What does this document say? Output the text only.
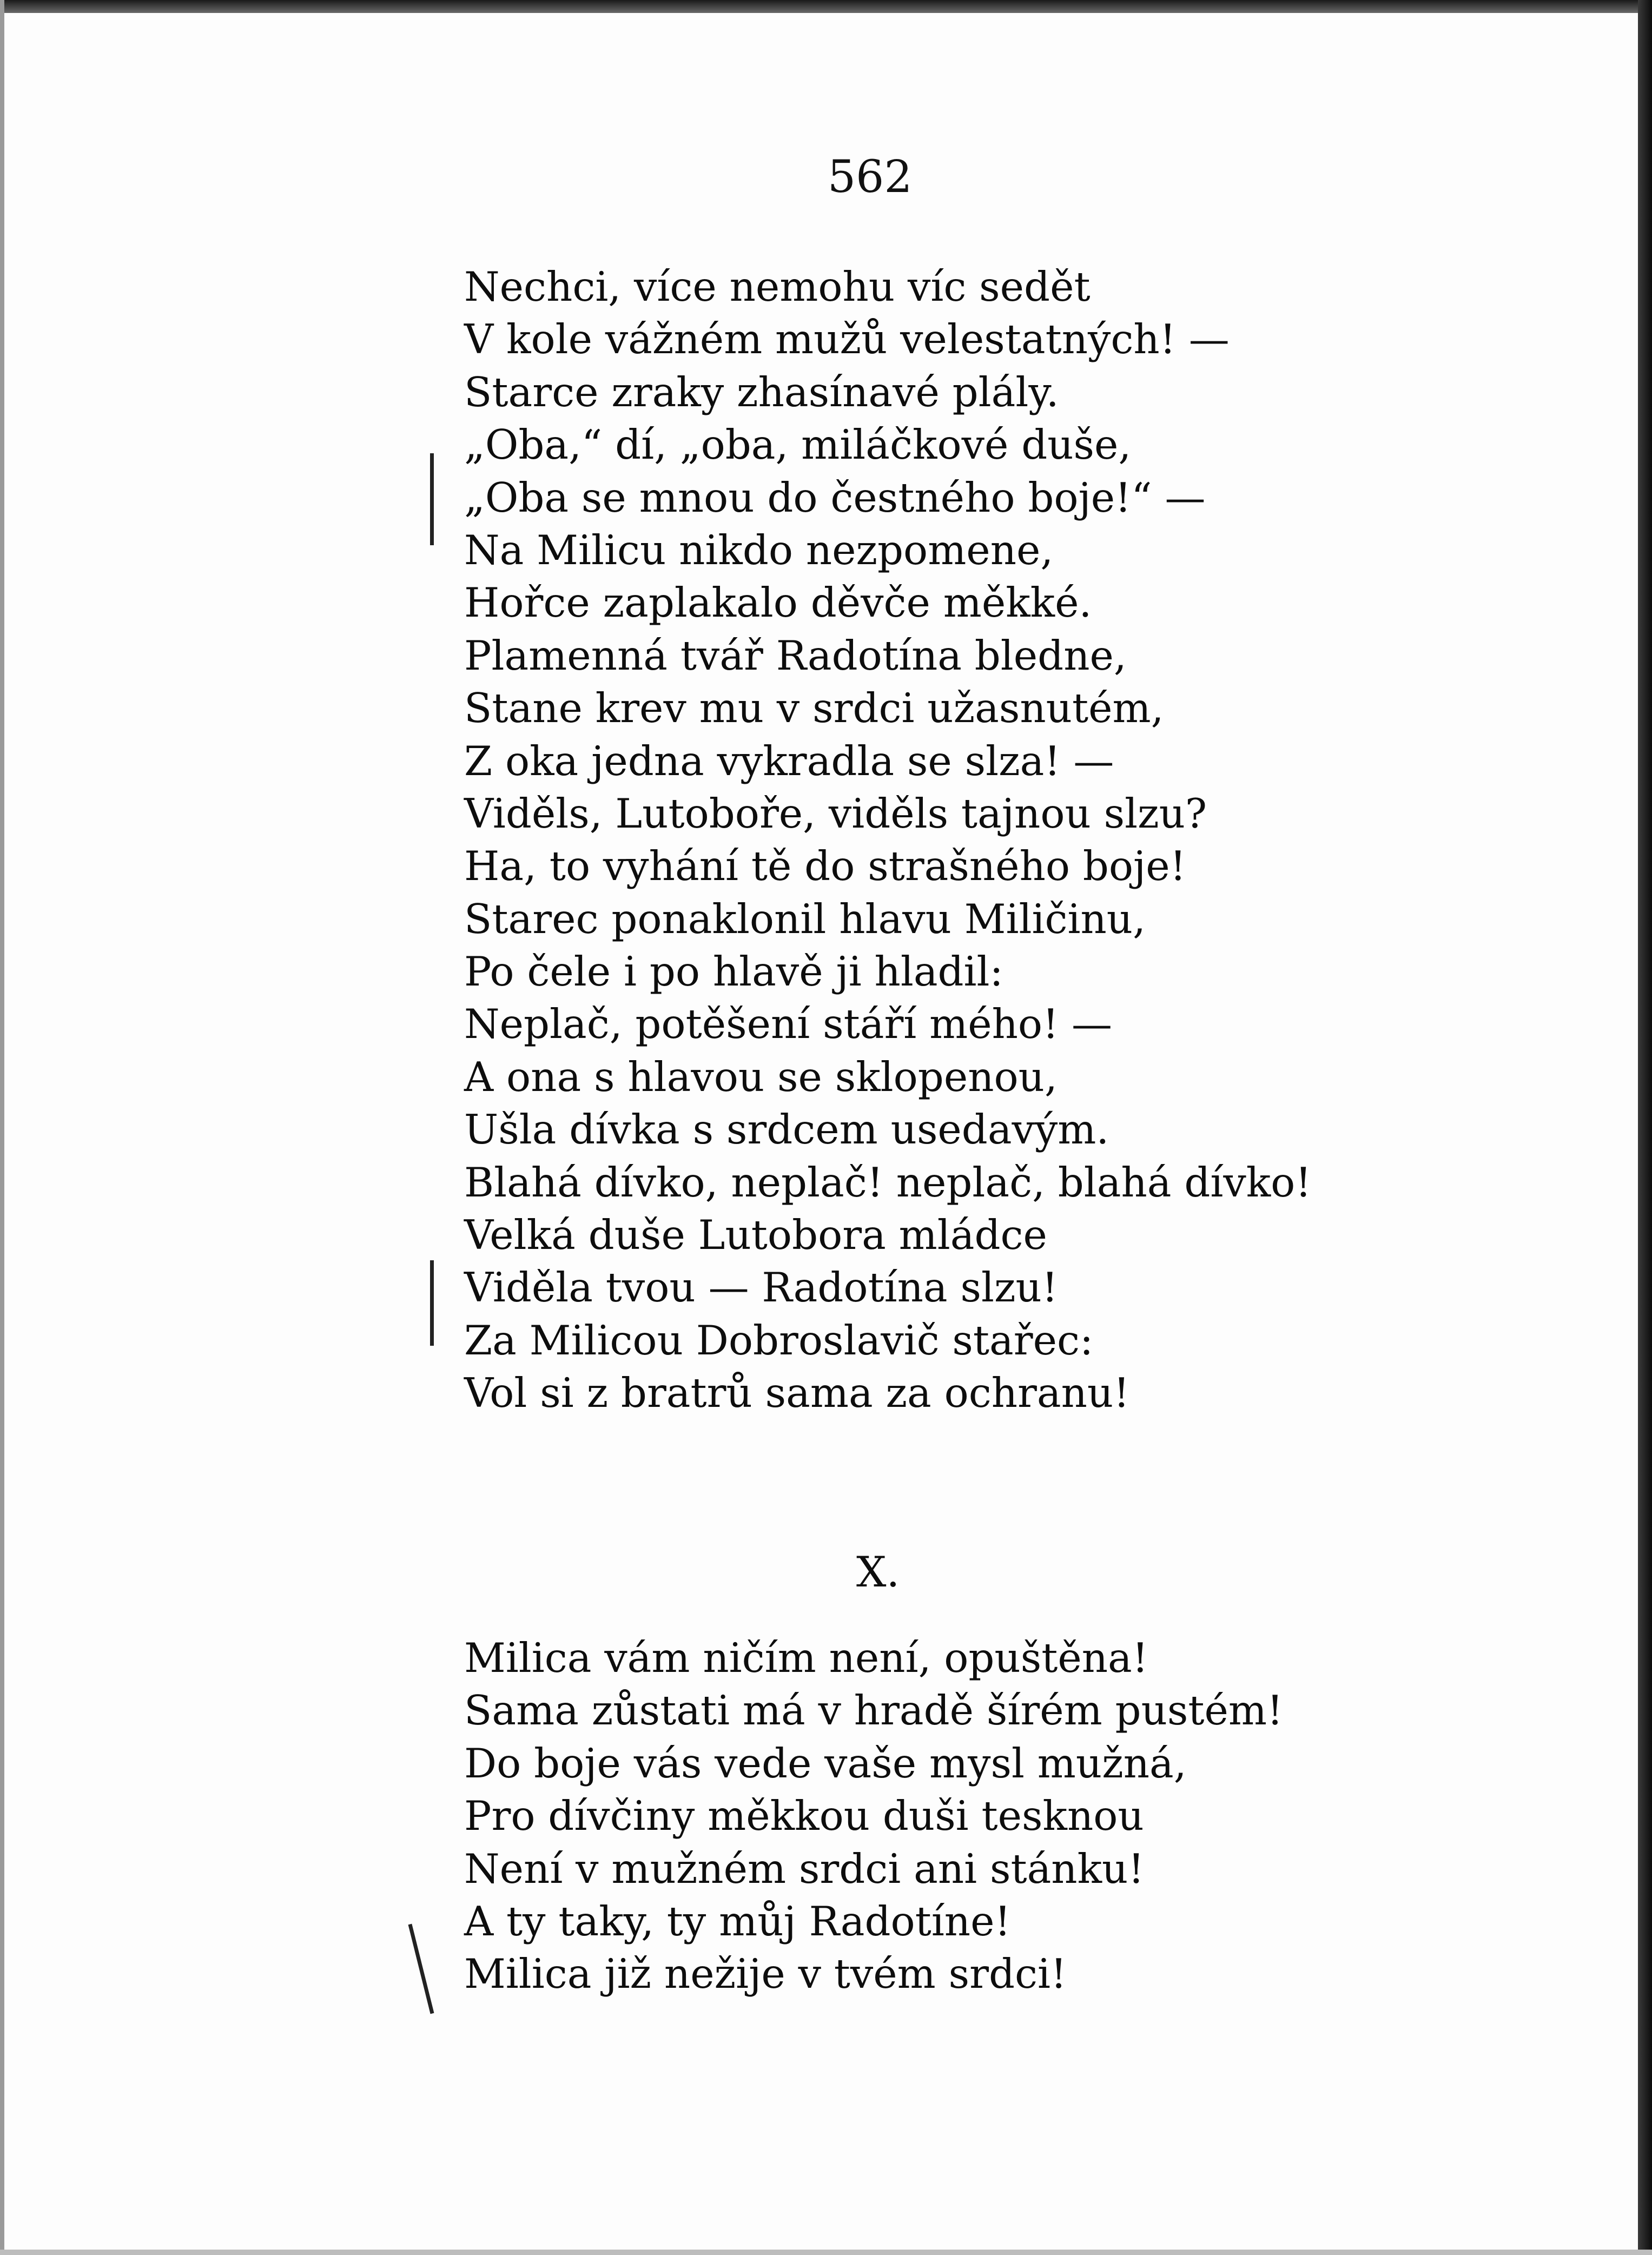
562
Nechci, více nemohu víc sedět
V kole vážném mužů velestatných! —
Starce zraky zhasínavé plály.
„Oba,“ dí, „oba, miláčkové duše,
„Oba se mnou do čestného boje!“ —
Na Milicu nikdo nezpomene,
Hořce zaplakalo děvče měkké.
Plamenná tvář Radotína bledne,
Stane krev mu v srdci užasnutém,
Z oka jedna vykradla se slza! —
Viděls, Lutoboře, viděls tajnou slzu?
Ha, to vyhání tě do strašného boje!
Starec ponaklonil hlavu Miličinu,
Po čele i po hlavě ji hladil:
Neplač, potěšení stáří mého! —
A ona s hlavou se sklopenou,
Ušla dívka s srdcem usedavým.
Blahá dívko, neplač! neplač, blahá dívko!
Velká duše Lutobora mládce
Viděla tvou — Radotína slzu!
Za Milicou Dobroslavič stařec:
Vol si z bratrů sama za ochranu!
X.
Milica vám ničím není, opuštěna!
Sama zůstati má v hradě šírém pustém!
Do boje vás vede vaše mysl mužná,
Pro dívčiny měkkou duši tesknou
Není v mužném srdci ani stánku!
A ty taky, ty můj Radotíne!
Milica již nežije v tvém srdci!
